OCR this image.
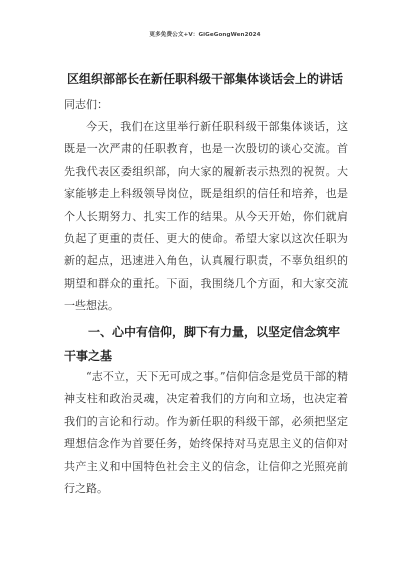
更多免费公文+V：GiGeGongWen2024
区组织部部长在新任职科级干部集体谈话会上的讲话
同志们：

今天，我们在这里举行新任职科级干部集体谈话，这既是一次严肃的任职教育，也是一次殷切的谈心交流。首先我代表区委组织部，向大家的履新表示热烈的祝贺。大家能够走上科级领导岗位，既是组织的信任和培养，也是个人长期努力、扎实工作的结果。从今天开始，你们就肩负起了更重的责任、更大的使命。希望大家以这次任职为新的起点，迅速进入角色，认真履行职责，不辜负组织的期望和群众的重托。下面，我围绕几个方面，和大家交流一些想法。

一、心中有信仰，脚下有力量，以坚定信念筑牢干事之基

“志不立，天下无可成之事。”信仰信念是党员干部的精神支柱和政治灵魂，决定着我们的方向和立场，也决定着我们的言论和行动。作为新任职的科级干部，必须把坚定理想信念作为首要任务，始终保持对马克思主义的信仰对共产主义和中国特色社会主义的信念，让信仰之光照亮前行之路。
